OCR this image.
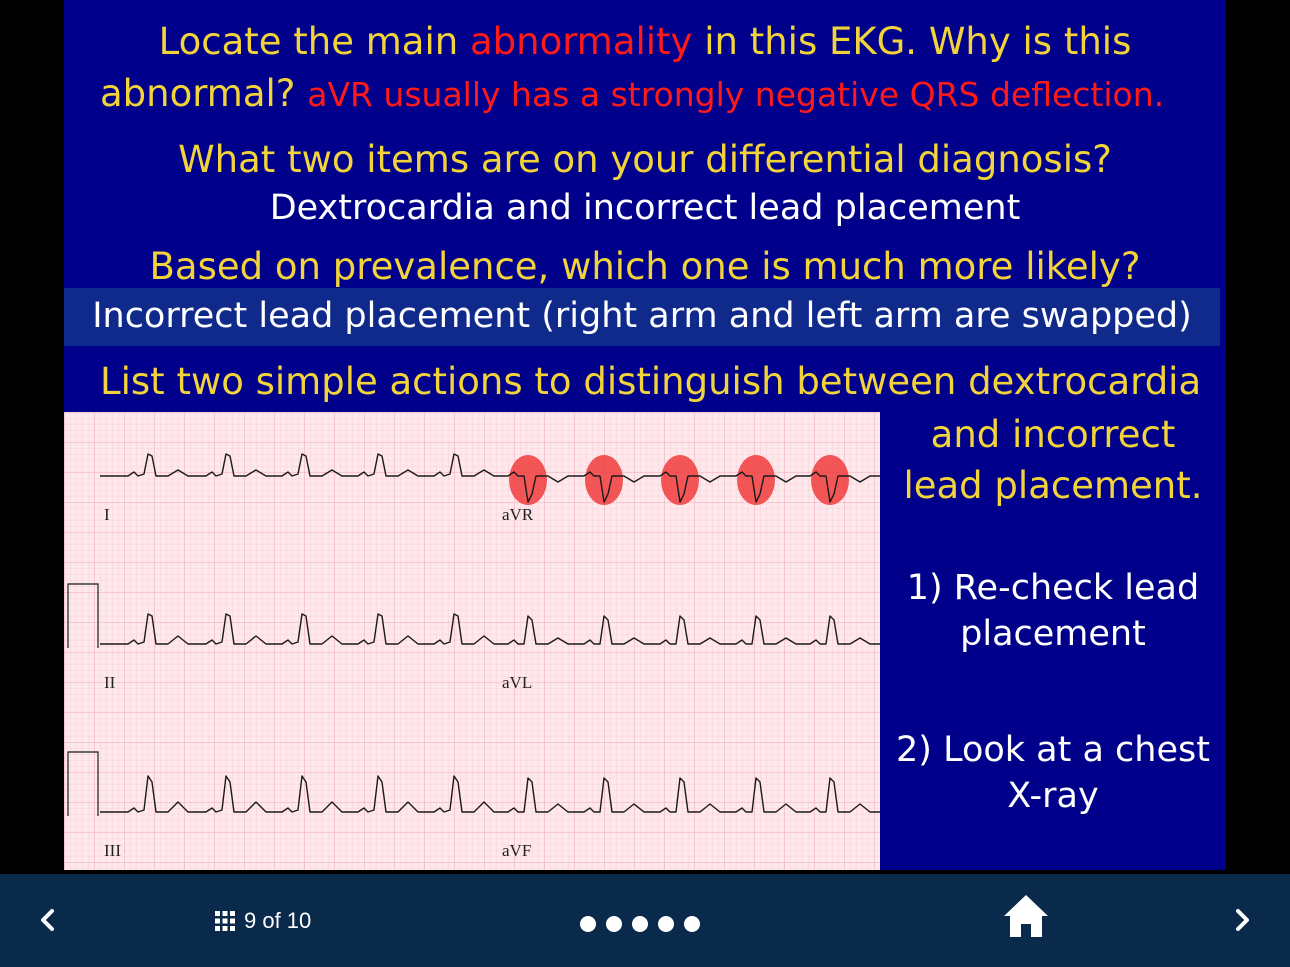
Locate the main abnormality in this EKG. Why is this

abnormal? aVR usually has a strongly negative QRS deflection.

What two items are on your differential diagnosis?

Dextrocardia and incorrect lead placement

Based on prevalence, which one is much more likely?

Incorrect lead placement (right arm and left arm are swapped)

List two simple actions to distinguish between dextrocardia

and incorrect

lead placement.

1) Re-check lead
placement
2) Look at a chest
X-ray
I	aVR
II	aVL
III	aVF
9 of 10
